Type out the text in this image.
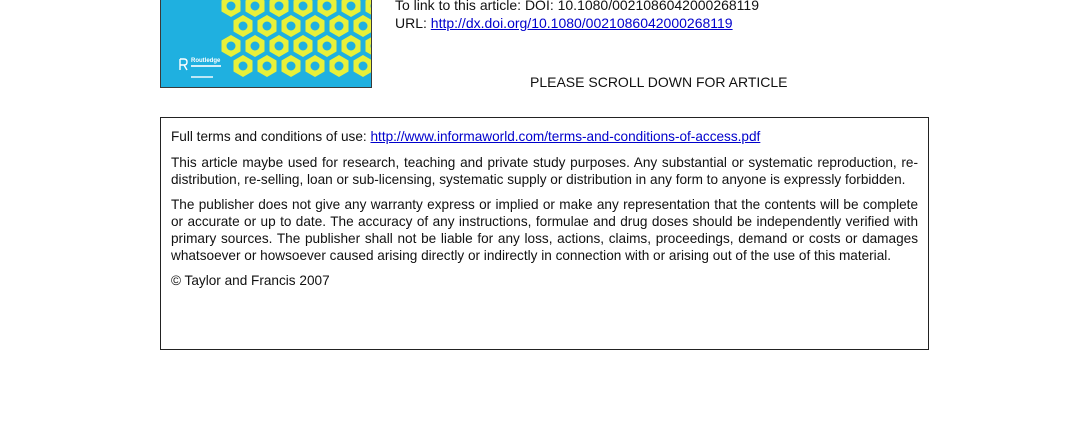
Routledge
To link to this article: DOI: 10.1080/00210860420002681​19
URL: http://dx.doi.org/10.1080/00210860420002681​19
PLEASE SCROLL DOWN FOR ARTICLE

Full terms and conditions of use: http://www.informaworld.com/terms-and-conditions-of-access.pdf

This article maybe used for research, teaching and private study purposes. Any substantial or systematic reproduction, re-distribution, re-selling, loan or sub-licensing, systematic supply or distribution in any form to anyone is expressly forbidden.

The publisher does not give any warranty express or implied or make any representation that the contents will be complete or accurate or up to date. The accuracy of any instructions, formulae and drug doses should be independently verified with primary sources. The publisher shall not be liable for any loss, actions, claims, proceedings, demand or costs or damages whatsoever or howsoever caused arising directly or indirectly in connection with or arising out of the use of this material.

© Taylor and Francis 2007
